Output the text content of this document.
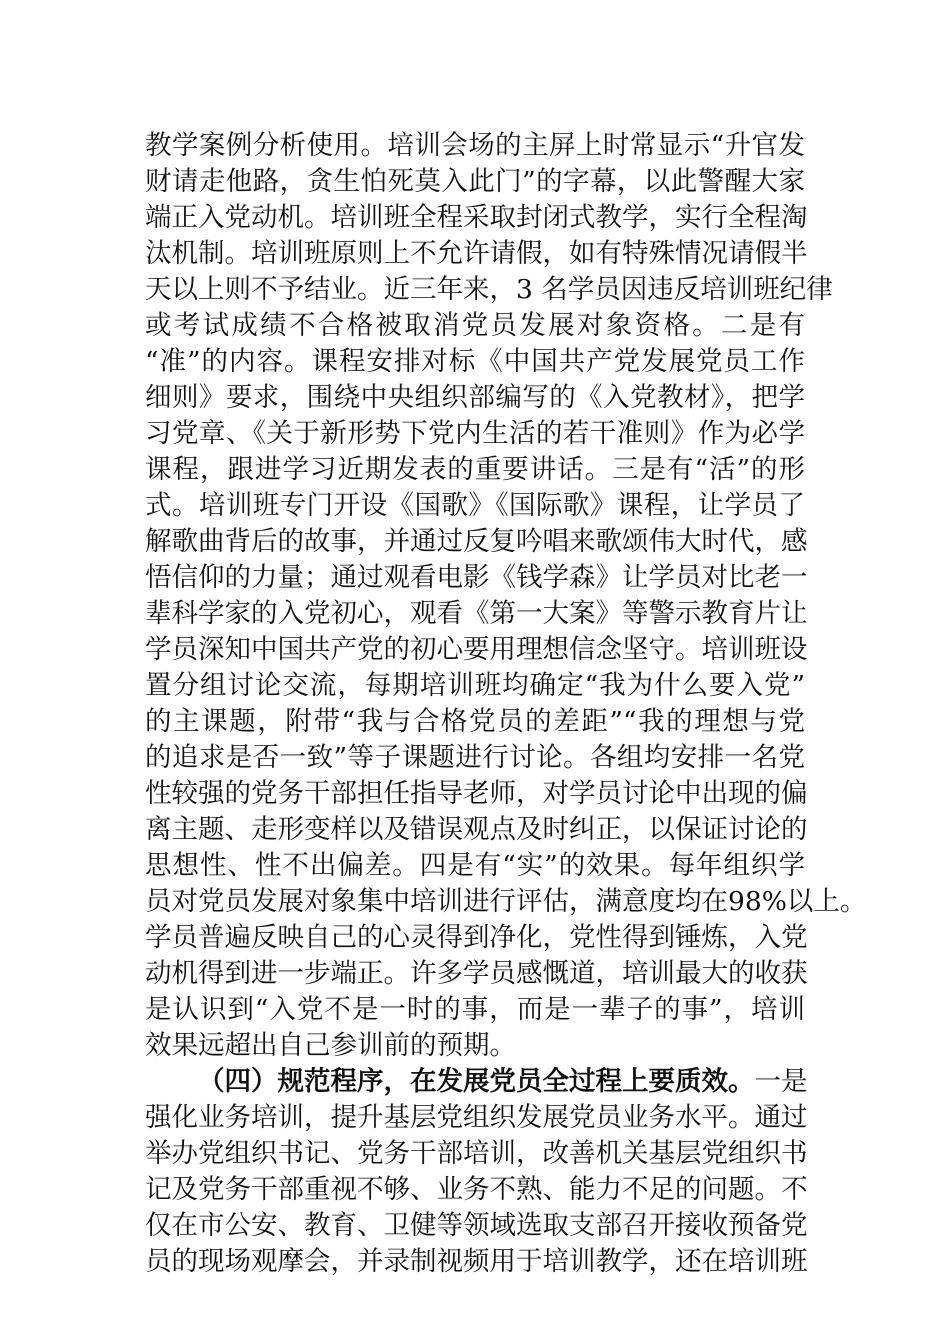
教学案例分析使用。培训会场的主屏上时常显示“升官发
财请走他路，贪生怕死莫入此门”的字幕，以此警醒大家
端正入党动机。培训班全程采取封闭式教学，实行全程淘
汰机制。培训班原则上不允许请假，如有特殊情况请假半
天以上则不予结业。近三年来，3 名学员因违反培训班纪律
或考试成绩不合格被取消党员发展对象资格。二是有
“准”的内容。课程安排对标《中国共产党发展党员工作
细则》要求，围绕中央组织部编写的《入党教材》，把学
习党章、《关于新形势下党内生活的若干准则》作为必学
课程，跟进学习近期发表的重要讲话。三是有“活”的形
式。培训班专门开设《国歌》《国际歌》课程，让学员了
解歌曲背后的故事，并通过反复吟唱来歌颂伟大时代，感
悟信仰的力量；通过观看电影《钱学森》让学员对比老一
辈科学家的入党初心，观看《第一大案》等警示教育片让
学员深知中国共产党的初心要用理想信念坚守。培训班设
置分组讨论交流，每期培训班均确定“我为什么要入党”
的主课题，附带“我与合格党员的差距”“我的理想与党
的追求是否一致”等子课题进行讨论。各组均安排一名党
性较强的党务干部担任指导老师，对学员讨论中出现的偏
离主题、走形变样以及错误观点及时纠正，以保证讨论的
思想性、性不出偏差。四是有“实”的效果。每年组织学
员对党员发展对象集中培训进行评估，满意度均在98%以上。
学员普遍反映自己的心灵得到净化，党性得到锤炼，入党
动机得到进一步端正。许多学员感慨道，培训最大的收获
是认识到“入党不是一时的事，而是一辈子的事”，培训
效果远超出自己参训前的预期。
（四）规范程序，在发展党员全过程上要质效。一是
强化业务培训，提升基层党组织发展党员业务水平。通过
举办党组织书记、党务干部培训，改善机关基层党组织书
记及党务干部重视不够、业务不熟、能力不足的问题。不
仅在市公安、教育、卫健等领域选取支部召开接收预备党
员的现场观摩会，并录制视频用于培训教学，还在培训班
